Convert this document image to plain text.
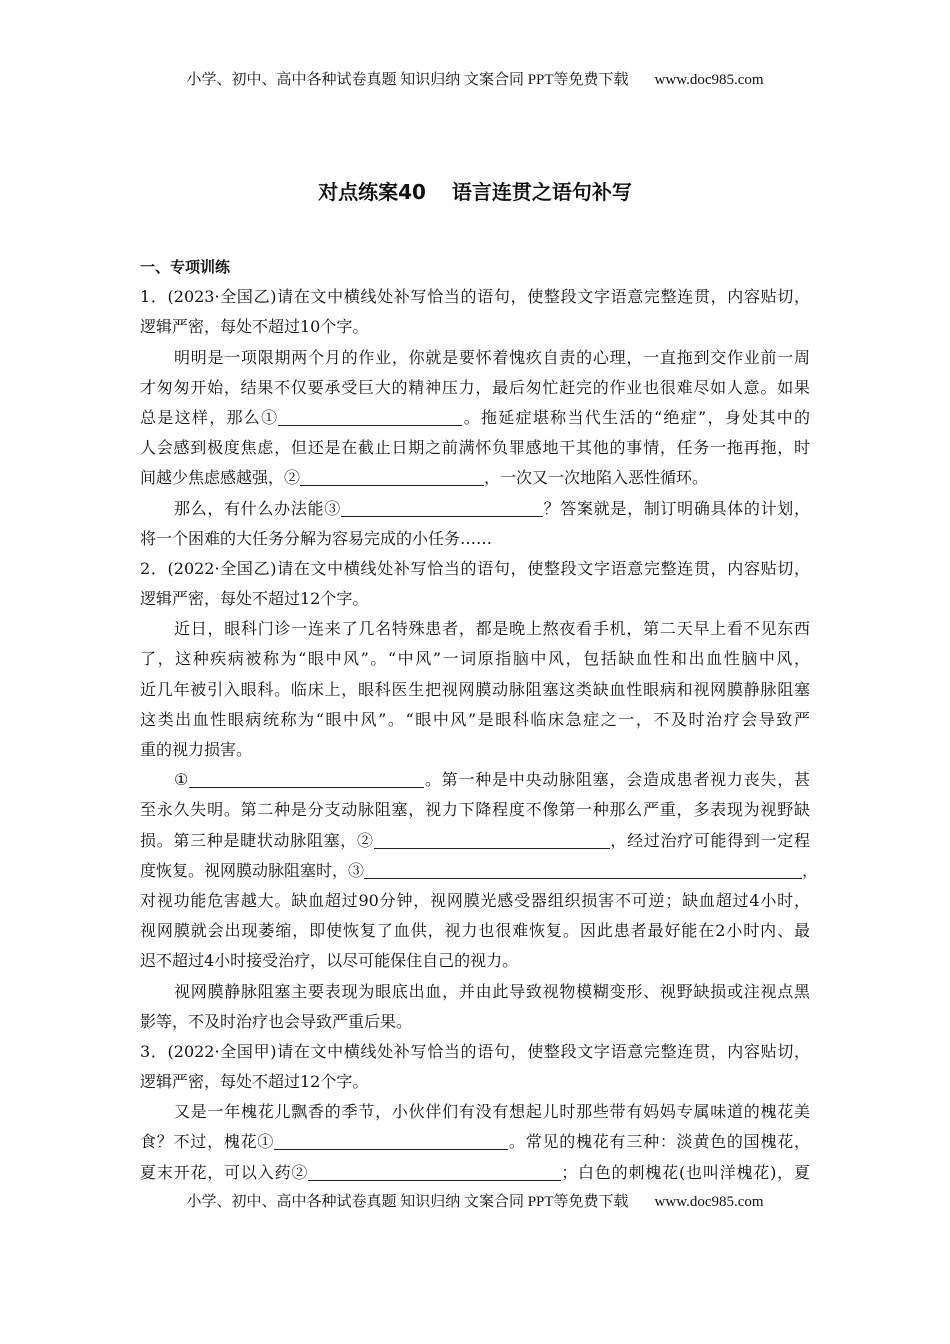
小学、初中、高中各种试卷真题 知识归纳 文案合同 PPT等免费下载 www.doc985.com
对点练案40 语言连贯之语句补写
一、专项训练
1．(2023·全国乙)请在文中横线处补写恰当的语句，使整段文字语意完整连贯，内容贴切，
逻辑严密，每处不超过10个字。
明明是一项限期两个月的作业，你就是要怀着愧疚自责的心理，一直拖到交作业前一周
才匆匆开始，结果不仅要承受巨大的精神压力，最后匆忙赶完的作业也很难尽如人意。如果
总是这样，那么①	。拖延症堪称当代生活的“绝症”，身处其中的
人会感到极度焦虑，但还是在截止日期之前满怀负罪感地干其他的事情，任务一拖再拖，时
间越少焦虑感越强，②	，一次又一次地陷入恶性循环。
那么，有什么办法能③	？答案就是，制订明确具体的计划，
将一个困难的大任务分解为容易完成的小任务……
2．(2022·全国乙)请在文中横线处补写恰当的语句，使整段文字语意完整连贯，内容贴切，
逻辑严密，每处不超过12个字。
近日，眼科门诊一连来了几名特殊患者，都是晚上熬夜看手机，第二天早上看不见东西
了，这种疾病被称为“眼中风”。“中风”一词原指脑中风，包括缺血性和出血性脑中风，
近几年被引入眼科。临床上，眼科医生把视网膜动脉阻塞这类缺血性眼病和视网膜静脉阻塞
这类出血性眼病统称为“眼中风”。“眼中风”是眼科临床急症之一，不及时治疗会导致严
重的视力损害。
①	。第一种是中央动脉阻塞，会造成患者视力丧失，甚
至永久失明。第二种是分支动脉阻塞，视力下降程度不像第一种那么严重，多表现为视野缺
损。第三种是睫状动脉阻塞，②	，经过治疗可能得到一定程
度恢复。视网膜动脉阻塞时，③	，
对视功能危害越大。缺血超过90分钟，视网膜光感受器组织损害不可逆；缺血超过4小时，
视网膜就会出现萎缩，即使恢复了血供，视力也很难恢复。因此患者最好能在2小时内、最
迟不超过4小时接受治疗，以尽可能保住自己的视力。
视网膜静脉阻塞主要表现为眼底出血，并由此导致视物模糊变形、视野缺损或注视点黑
影等，不及时治疗也会导致严重后果。
3．(2022·全国甲)请在文中横线处补写恰当的语句，使整段文字语意完整连贯，内容贴切，
逻辑严密，每处不超过12个字。
又是一年槐花儿飘香的季节，小伙伴们有没有想起儿时那些带有妈妈专属味道的槐花美
食？不过，槐花①	。常见的槐花有三种：淡黄色的国槐花，
夏末开花，可以入药②	；白色的刺槐花(也叫洋槐花)，夏
小学、初中、高中各种试卷真题 知识归纳 文案合同 PPT等免费下载 www.doc985.com
